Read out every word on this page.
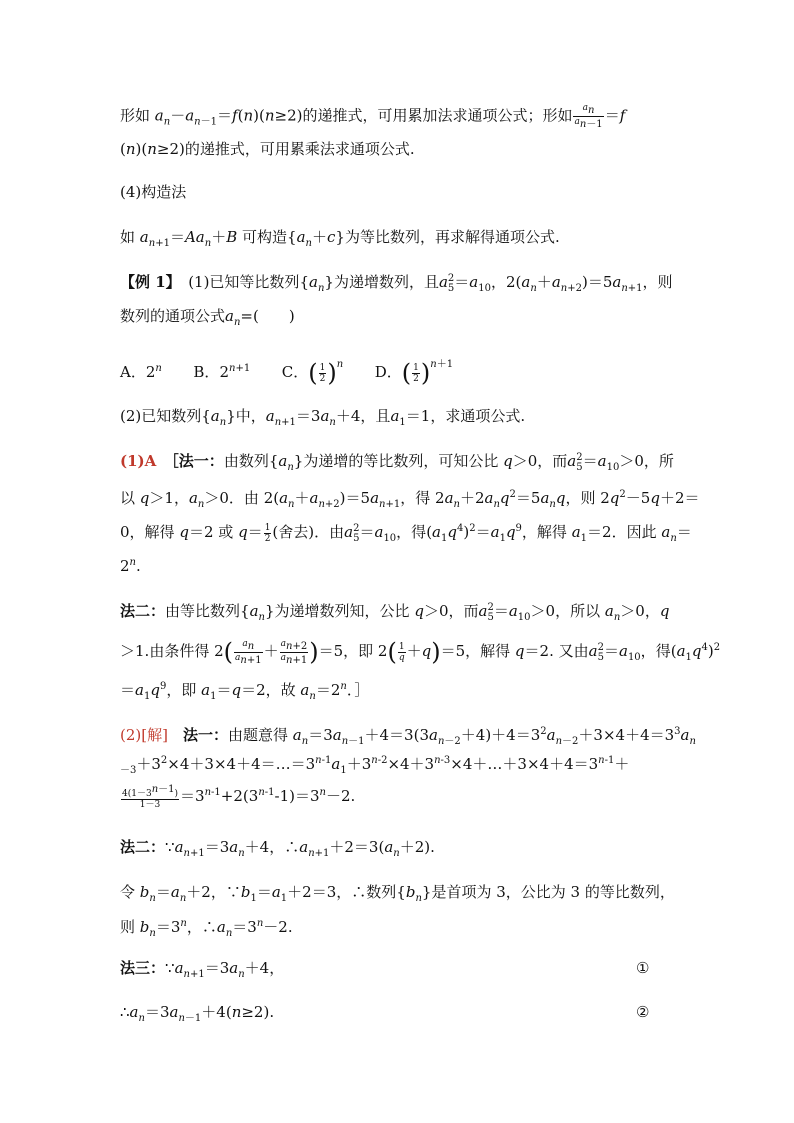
形如 $a_n-a_{n-1}=f(n)(n\ge 2)$的递推式，可用累加法求通项公式；形如 $\frac{a_n}{a_{n-1}} =f$
(n)(n≥2)的递推式，可用累乘法求通项公式.
(4)构造法
如 $a_{n+1}=Aa_n+B$ 可构造$\{a_n+c\}$为等比数列，再求解得通项公式.
【例 1】　 (1)已知等比数列$\{a_n\}$为递增数列，且a2
$5=a_{10}$，$2(a_n+a_{n+2})=5a_{n+1}$，则
数列的通项公式$a_n=$(　　)
A．2$^n$ B．$2^{n+1}$ C．( $\frac{1}{2} )^n$ D．( $\frac{1}{2} )^{n+1}$
(2)已知数列$\{a_n\}$中，$a_{n+1}=3a_n+4$，且$a_1=1$，求通项公式.
(1)A　 ［法一：由数列$\{a_n\}$为递增的等比数列，可知公比 q＞0，而a2
$5=a_{10}>0$，所
以 q＞1，$a_n>0$．由 $2(a_n+a_{n+2})=5a_{n+1}$，得 $2a_n+2a_nq^2=5a_nq$，则 $2q^2-5q+2=$
0，解得 q＝2 或 $q= \frac{1}{2}$ (舍去)．由a2
$5=a_{10}$，得$(a_1q^4)^2=a_1q^9$，解得 $a_1=2$．因此 $a_n=$
$2^n$.
法二：由等比数列$\{a_n\}$为递增数列知，公比 q＞0，而a2
$5=a_{10}>0$，所以 $a_n>0$，q
＞1.由条件得 $2( \frac{a_n}{a_{n+1}} + \frac{a_{n+2}}{a_{n+1}} )=5$，即 $2( \frac{1}{q} +q)=5$，解得 q＝2. 又由a2
$5=a_{10}$，得$(a_1q^4)^2$
$=a_1q^9$，即 $a_1=q=2$，故 $a_n=2^n$．］
(2)[解]　 法一：由题意得 $a_n=3a_{n-1}+4=3(3a_{n-2}+4)+4=3^2a_{n-2}+3\times 4+4=3^3a_n$
$_{-3}+3^2\times 4+3\times 4+4=\dots=3^{n-1}a_1+3^{n-2}\times 4+3^{n-3}\times 4+\dots+3\times 4+4=3^{n-1}+$
$\frac{4(1-3^{n-1})}{1-3} =3^{n-1}+2(3^{n-1}-1)=3^n-2$.
法二：$\because a_{n+1}=3a_n+4$，$\therefore a_{n+1}+2=3(a_n+2)$.
令 $b_n=a_n+2$，$\because b_1=a_1+2=3$，∴数列$\{b_n\}$是首项为 3，公比为 3 的等比数列，
则 $b_n=3^n$，$\therefore a_n=3^n-2$.
法三：$\because a_{n+1}=3a_n+4$，	①
$\therefore a_n=3a_{n-1}+4(n\ge 2)$.	②
